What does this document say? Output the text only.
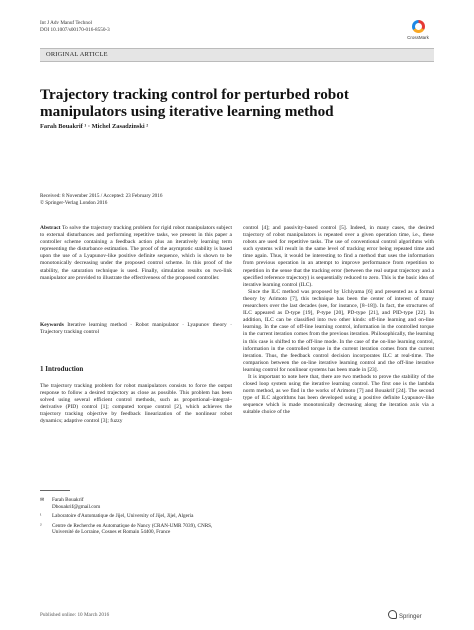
Int J Adv Manuf Technol
DOI 10.1007/s00170-016-8550-3
CrossMark
ORIGINAL ARTICLE
Trajectory tracking control for perturbed robot manipulators using iterative learning method
Farah Bouakrif ¹ · Michel Zasadzinski ²
Received: 8 November 2015 / Accepted: 23 February 2016
© Springer-Verlag London 2016

Abstract To solve the trajectory tracking problem for rigid robot manipulators subject to external disturbances and performing repetitive tasks, we present in this paper a controller scheme containing a feedback action plus an iteratively learning term representing the disturbance estimation. The proof of the asymptotic stability is based upon the use of a Lyapunov-like positive definite sequence, which is shown to be monotonically decreasing under the proposed control scheme. In this proof of the stability, the saturation technique is used. Finally, simulation results on two-link manipulator are provided to illustrate the effectiveness of the proposed controller.

Keywords Iterative learning method · Robot manipulator · Lyapunov theory · Trajectory tracking control

1 Introduction

The trajectory tracking problem for robot manipulators consists to force the output response to follow a desired trajectory as close as possible. This problem has been solved using several efficient control methods, such as proportional–integral–derivative (PID) control [1]; computed torque control [2], which achieves the trajectory tracking objective by feedback linearization of the nonlinear robot dynamics; adaptive control [3]; fuzzy

✉ Farah Bouakrif
Dbouakrif@gmail.com
¹ Laboratoire d'Automatique de Jijel, University of Jijel, Jijel, Algeria
²	Centre de Recherche en Automatique de Nancy (CRAN-UMR 7039), CNRS, Université de Lorraine, Cosnes et Romain 54400, France

control [4]; and passivity-based control [5]. Indeed, in many cases, the desired trajectory of robot manipulators is repeated over a given operation time, i.e., these robots are used for repetitive tasks. The use of conventional control algorithms with such systems will result in the same level of tracking error being repeated time and time again. Thus, it would be interesting to find a method that uses the information from previous operation in an attempt to improve performance from repetition to repetition in the sense that the tracking error (between the real output trajectory and a specified reference trajectory) is sequentially reduced to zero. This is the basic idea of iterative learning control (ILC).

Since the ILC method was proposed by Uchiyama [6] and presented as a formal theory by Arimoto [7], this technique has been the center of interest of many researchers over the last decades (see, for instance, [8–18]). In fact, the structures of ILC appeared as D-type [19], P-type [20], PD-type [21], and PID-type [22]. In addition, ILC can be classified into two other kinds: off-line learning and on-line learning. In the case of off-line learning control, information in the controlled torque in the current iteration comes from the previous iteration. Philosophically, the learning in this case is shifted to the off-line mode. In the case of the on-line learning control, information in the controlled torque in the current iteration comes from the current iteration. Thus, the feedback control decision incorporates ILC at real-time. The comparison between the on-line iterative learning control and the off-line iterative learning control for nonlinear systems has been made in [23].

It is important to note here that, there are two methods to prove the stability of the closed loop system using the iterative learning control. The first one is the lambda norm method, as we find in the works of Arimoto [7] and Bouakrif [24]. The second type of ILC algorithms has been developed using a positive definite Lyapunov-like sequence which is made monotonically decreasing along the iteration axis via a suitable choice of the

Published online: 10 March 2016	Springer
